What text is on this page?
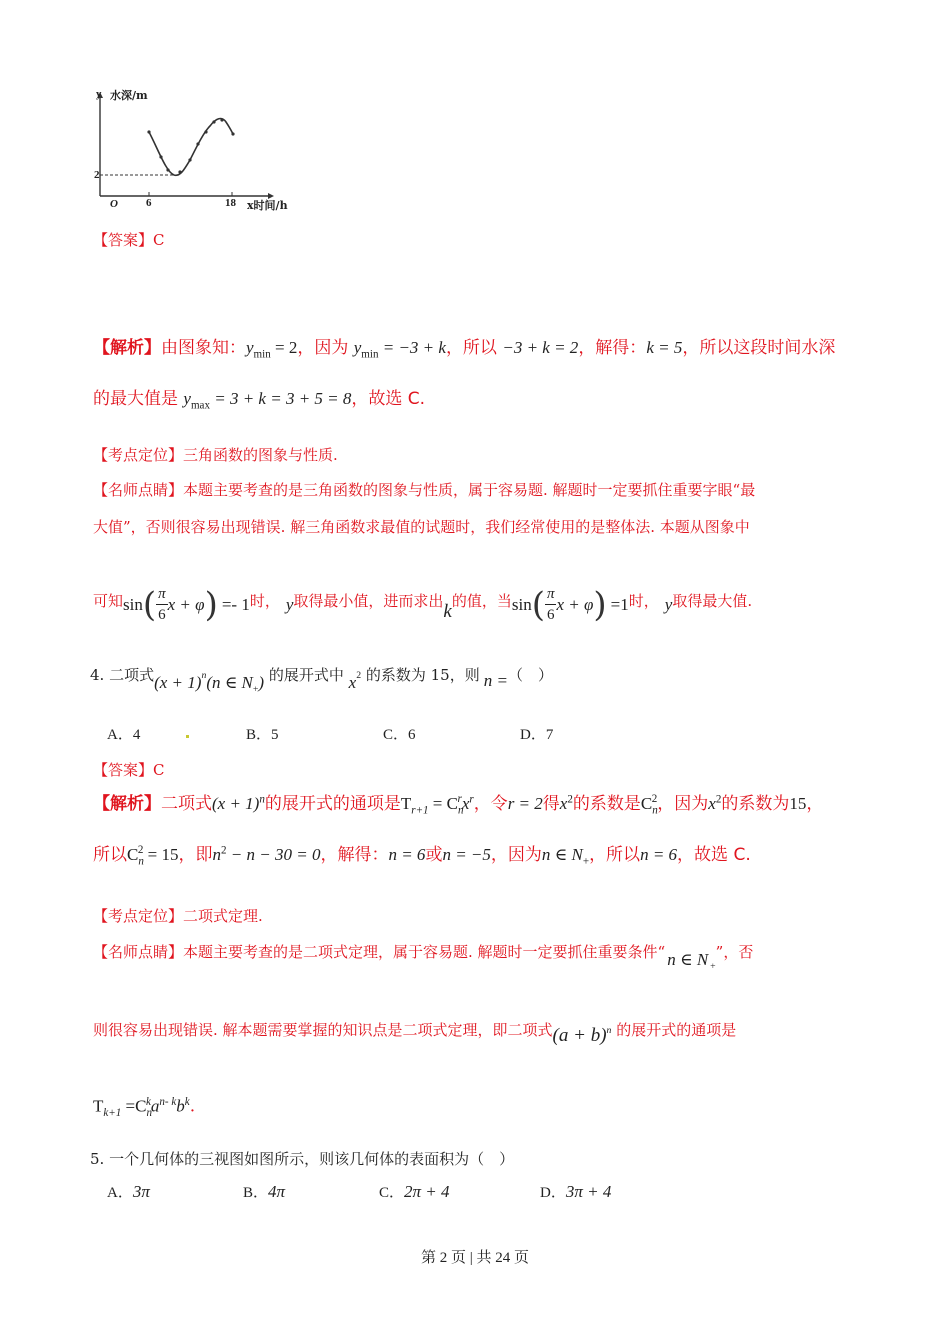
y 水深/m
2
O	6	18 x时间/h
【答案】C
【解析】由图象知：$y_{min} = 2$，因为 $y_{min} = -3 + k$，所以 −3 + k = 2，解得：k = 5，所以这段时间水深
的最大值是 $y_{max} = 3 + k = 3 + 5 = 8$，故选 C.
【考点定位】三角函数的图象与性质.
【名师点睛】本题主要考查的是三角函数的图象与性质，属于容易题. 解题时一定要抓住重要字眼“最
大值”，否则很容易出现错误. 解三角函数求最值的试题时，我们经常使用的是整体法. 本题从图象中
可知 sin ( $\frac{\pi}{6}$ x + φ ) =- 1 时， y 取得最小值，进而求出 k 的值，当 sin ( $\frac{\pi}{6}$ x + φ ) =1 时， y 取得最大值.
4. 二项式$(x + 1)^n(n$ ∈ $N_+$) 的展开式中 $x^2$ 的系数为 15，则 n =（　）
A．4	B．5	C．6	D．7
【答案】C
【解析】二项式$(x + 1)^n$的展开式的通项是$T_{r+1} = C_n^rx^r$，令r = 2得$x^2$的系数是$C_n^2$，因为$x^2$的系数为15，
所以$C_n^2 = 15$，即$n^2 - n - 30 = 0$，解得：n = 6或n = −5，因为n ∈ $N_+$，所以n = 6，故选 C.
【考点定位】二项式定理.
【名师点睛】本题主要考查的是二项式定理，属于容易题. 解题时一定要抓住重要条件“ n ∈ N $_+$”，否
则很容易出现错误. 解本题需要掌握的知识点是二项式定理，即二项式$(a + b)^n$ 的展开式的通项是
$T_{k+1} =C_n^ka^{n- k}b^k$.
5. 一个几何体的三视图如图所示，则该几何体的表面积为（　）
A．3π	B．4π	C．2π + 4	D．3π + 4
第 2 页 | 共 24 页
